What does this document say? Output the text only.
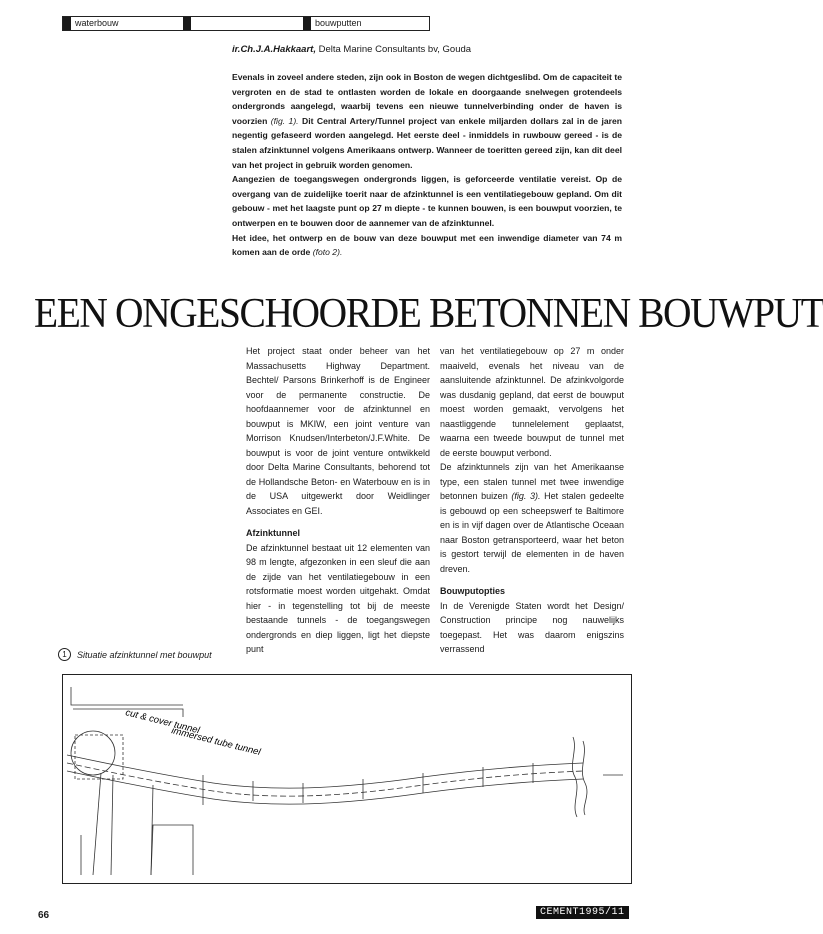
waterbouw	bouwputten
ir.Ch.J.A.Hakkaart, Delta Marine Consultants bv, Gouda
Evenals in zoveel andere steden, zijn ook in Boston de wegen dichtgeslibd. Om de capaciteit te vergroten en de stad te ontlasten worden de lokale en doorgaande snelwegen grotendeels ondergronds aangelegd, waarbij tevens een nieuwe tunnelverbinding onder de haven is voorzien (fig. 1). Dit Central Artery/Tunnel project van enkele miljarden dollars zal in de jaren negentig gefaseerd worden aangelegd. Het eerste deel - inmiddels in ruwbouw gereed - is de stalen afzinktunnel volgens Amerikaans ontwerp. Wanneer de toeritten gereed zijn, kan dit deel van het project in gebruik worden genomen.
Aangezien de toegangswegen ondergronds liggen, is geforceerde ventilatie vereist. Op de overgang van de zuidelijke toerit naar de afzinktunnel is een ventilatiegebouw gepland. Om dit gebouw - met het laagste punt op 27 m diepte - te kunnen bouwen, is een bouwput voorzien, te ontwerpen en te bouwen door de aannemer van de afzinktunnel.
Het idee, het ontwerp en de bouw van deze bouwput met een inwendige diameter van 74 m komen aan de orde (foto 2).
EEN ONGESCHOORDE BETONNEN BOUWPUT

Het project staat onder beheer van het Massachusetts Highway Department. Bechtel/ Parsons Brinkerhoff is de Engineer voor de permanente constructie. De hoofdaannemer voor de afzinktunnel en bouwput is MKIW, een joint venture van Morrison Knudsen/Interbeton/J.F.White. De bouwput is voor de joint venture ontwikkeld door Delta Marine Consultants, behorend tot de Hollandsche Beton- en Waterbouw en is in de USA uitgewerkt door Weidlinger Associates en GEI.

Afzinktunnel

De afzinktunnel bestaat uit 12 elementen van 98 m lengte, afgezonken in een sleuf die aan de zijde van het ventilatiegebouw in een rotsformatie moest worden uitgehakt. Omdat hier - in tegenstelling tot bij de meeste bestaande tunnels - de toegangswegen ondergronds en diep liggen, ligt het diepste punt

van het ventilatiegebouw op 27 m onder maaiveld, evenals het niveau van de aansluitende afzinktunnel. De afzinkvolgorde was dusdanig gepland, dat eerst de bouwput moest worden gemaakt, vervolgens het naastliggende tunnelelement geplaatst, waarna een tweede bouwput de tunnel met de eerste bouwput verbond.

De afzinktunnels zijn van het Amerikaanse type, een stalen tunnel met twee inwendige betonnen buizen (fig. 3). Het stalen gedeelte is gebouwd op een scheepswerf te Baltimore en is in vijf dagen over de Atlantische Oceaan naar Boston getransporteerd, waar het beton is gestort terwijl de elementen in de haven dreven.

Bouwputopties

In de Verenigde Staten wordt het Design/ Construction principe nog nauwelijks toegepast. Het was daarom enigszins verrassend

1	Situatie afzinktunnel met bouwput
cut & cover tunnel
immersed tube tunnel
66	CEMENT1995/11
